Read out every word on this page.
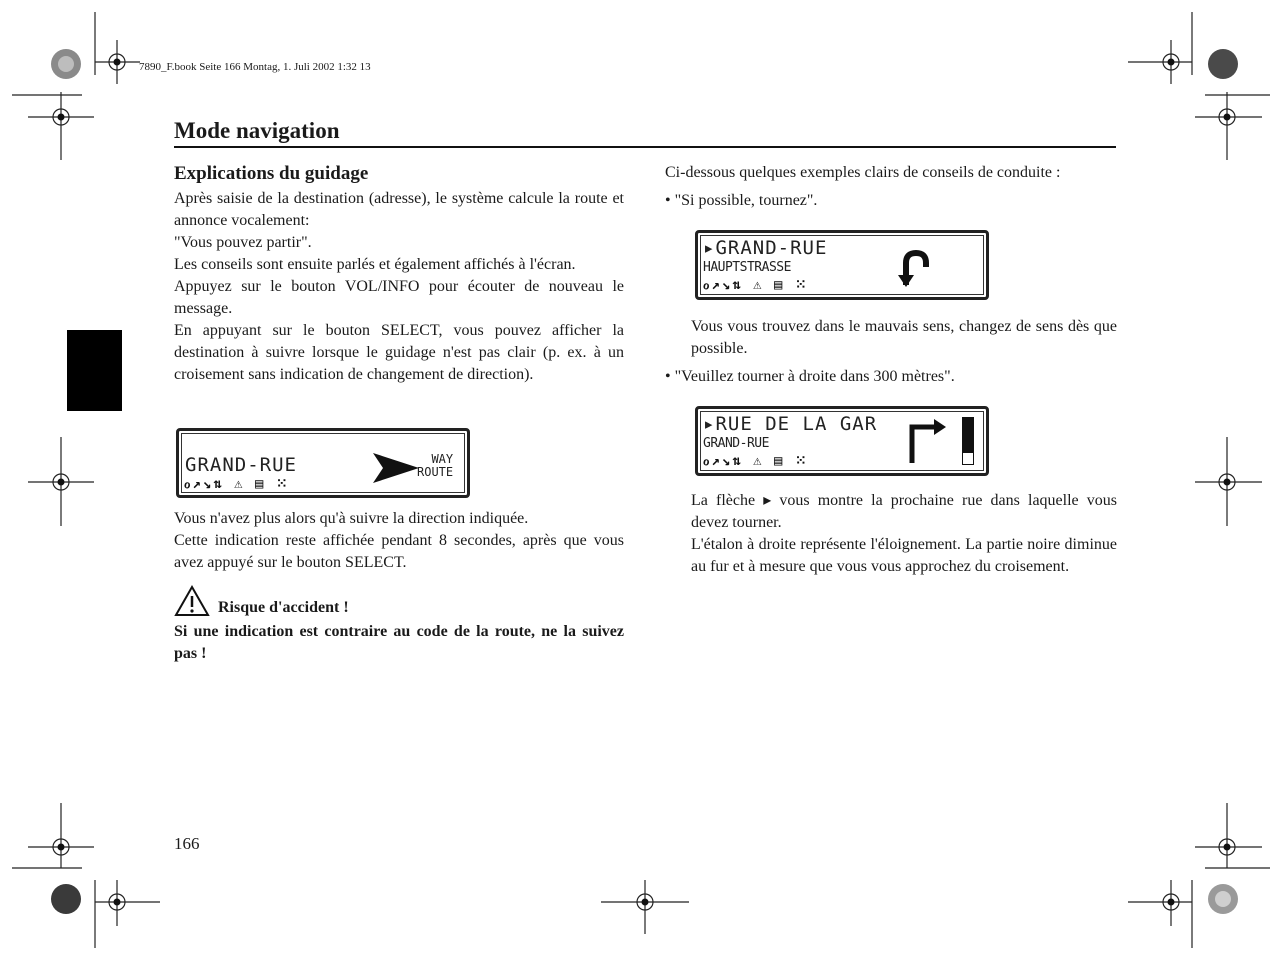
7890_F.book Seite 166 Montag, 1. Juli 2002 1:32 13
Mode navigation
Explications du guidage

Après saisie de la destination (adresse), le système calcule la route et annonce vocalement:

"Vous pouvez partir".

Les conseils sont ensuite parlés et également affichés à l'écran.

Appuyez sur le bouton VOL/INFO pour écouter de nouveau le message.

En appuyant sur le bouton SELECT, vous pouvez afficher la destination à suivre lorsque le guidage n'est pas clair (p. ex. à un croisement sans indication de changement de direction).

GRAND-RUE
ℴ↗↘⇅ ⚠ ▤ ⁙
WAY
ROUTE

Vous n'avez plus alors qu'à suivre la direction indiquée.

Cette indication reste affichée pendant 8 secondes, après que vous avez appuyé sur le bouton SELECT.

Risque d'accident !
Si une indication est contraire au code de la route, ne la suivez pas !

Ci-dessous quelques exemples clairs de conseils de conduite :

• "Si possible, tournez".

▸GRAND-RUE
HAUPTSTRASSE
ℴ↗↘⇅ ⚠ ▤ ⁙

Vous vous trouvez dans le mauvais sens, changez de sens dès que possible.

• "Veuillez tourner à droite dans 300 mètres".

▸RUE DE LA GAR
GRAND-RUE
ℴ↗↘⇅ ⚠ ▤ ⁙

La flèche ▸ vous montre la prochaine rue dans laquelle vous devez tourner.

L'étalon à droite représente l'éloignement. La partie noire diminue au fur et à mesure que vous vous approchez du croisement.

166
